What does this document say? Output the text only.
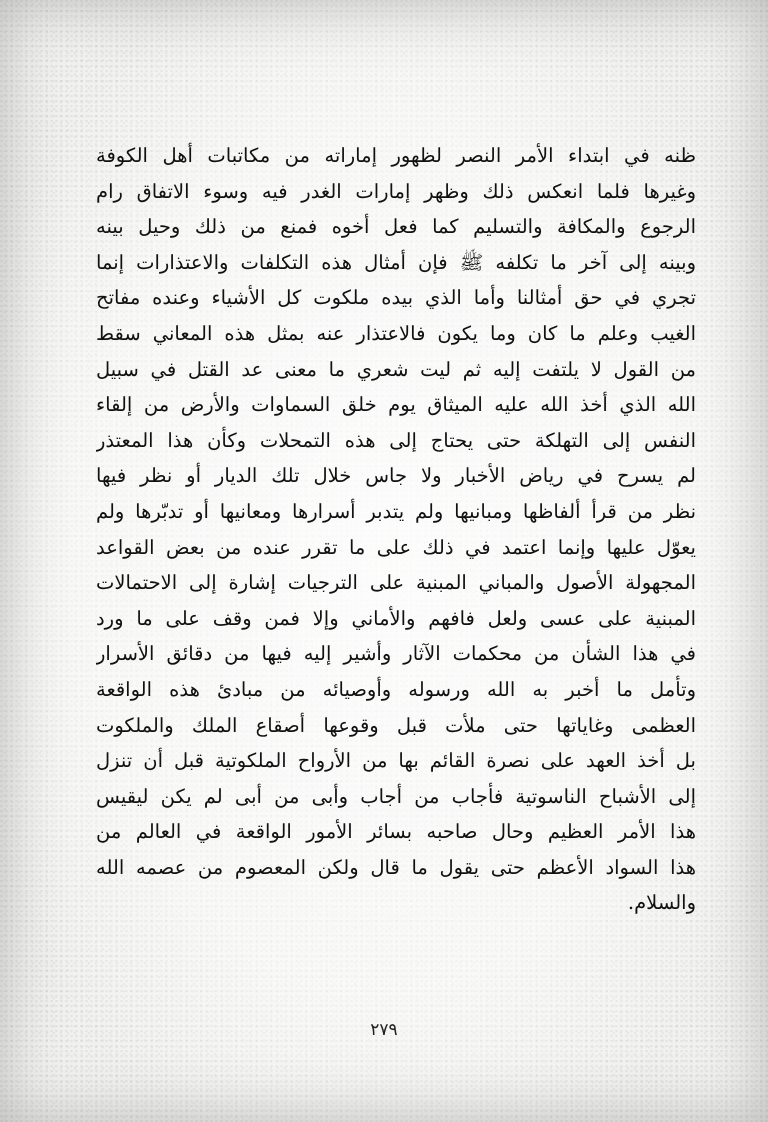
ظنه في ابتداء الأمر النصر لظهور إماراته من مكاتبات أهل الكوفة
وغيرها فلما انعكس ذلك وظهر إمارات الغدر فيه وسوء الاتفاق رام
الرجوع والمكافة والتسليم كما فعل أخوه فمنع من ذلك وحيل بينه
وبينه إلى آخر ما تكلفه ﷺ فإن أمثال هذه التكلفات والاعتذارات إنما
تجري في حق أمثالنا وأما الذي بيده ملكوت كل الأشياء وعنده مفاتح
الغيب وعلم ما كان وما يكون فالاعتذار عنه بمثل هذه المعاني سقط
من القول لا يلتفت إليه ثم ليت شعري ما معنى عد القتل في سبيل
الله الذي أخذ الله عليه الميثاق يوم خلق السماوات والأرض من إلقاء
النفس إلى التهلكة حتى يحتاج إلى هذه التمحلات وكأن هذا المعتذر
لم يسرح في رياض الأخبار ولا جاس خلال تلك الديار أو نظر فيها
نظر من قرأ ألفاظها ومبانيها ولم يتدبر أسرارها ومعانيها أو تدبّرها ولم
يعوّل عليها وإنما اعتمد في ذلك على ما تقرر عنده من بعض القواعد
المجهولة الأصول والمباني المبنية على الترجيات إشارة إلى الاحتمالات
المبنية على عسى ولعل فافهم والأماني وإلا فمن وقف على ما ورد
في هذا الشأن من محكمات الآثار وأشير إليه فيها من دقائق الأسرار
وتأمل ما أخبر به الله ورسوله وأوصيائه من مبادئ هذه الواقعة
العظمى وغاياتها حتى ملأت قبل وقوعها أصقاع الملك والملكوت
بل أخذ العهد على نصرة القائم بها من الأرواح الملكوتية قبل أن تنزل
إلى الأشباح الناسوتية فأجاب من أجاب وأبى من أبى لم يكن ليقيس
هذا الأمر العظيم وحال صاحبه بسائر الأمور الواقعة في العالم من
هذا السواد الأعظم حتى يقول ما قال ولكن المعصوم من عصمه الله
والسلام.
٢٧٩
